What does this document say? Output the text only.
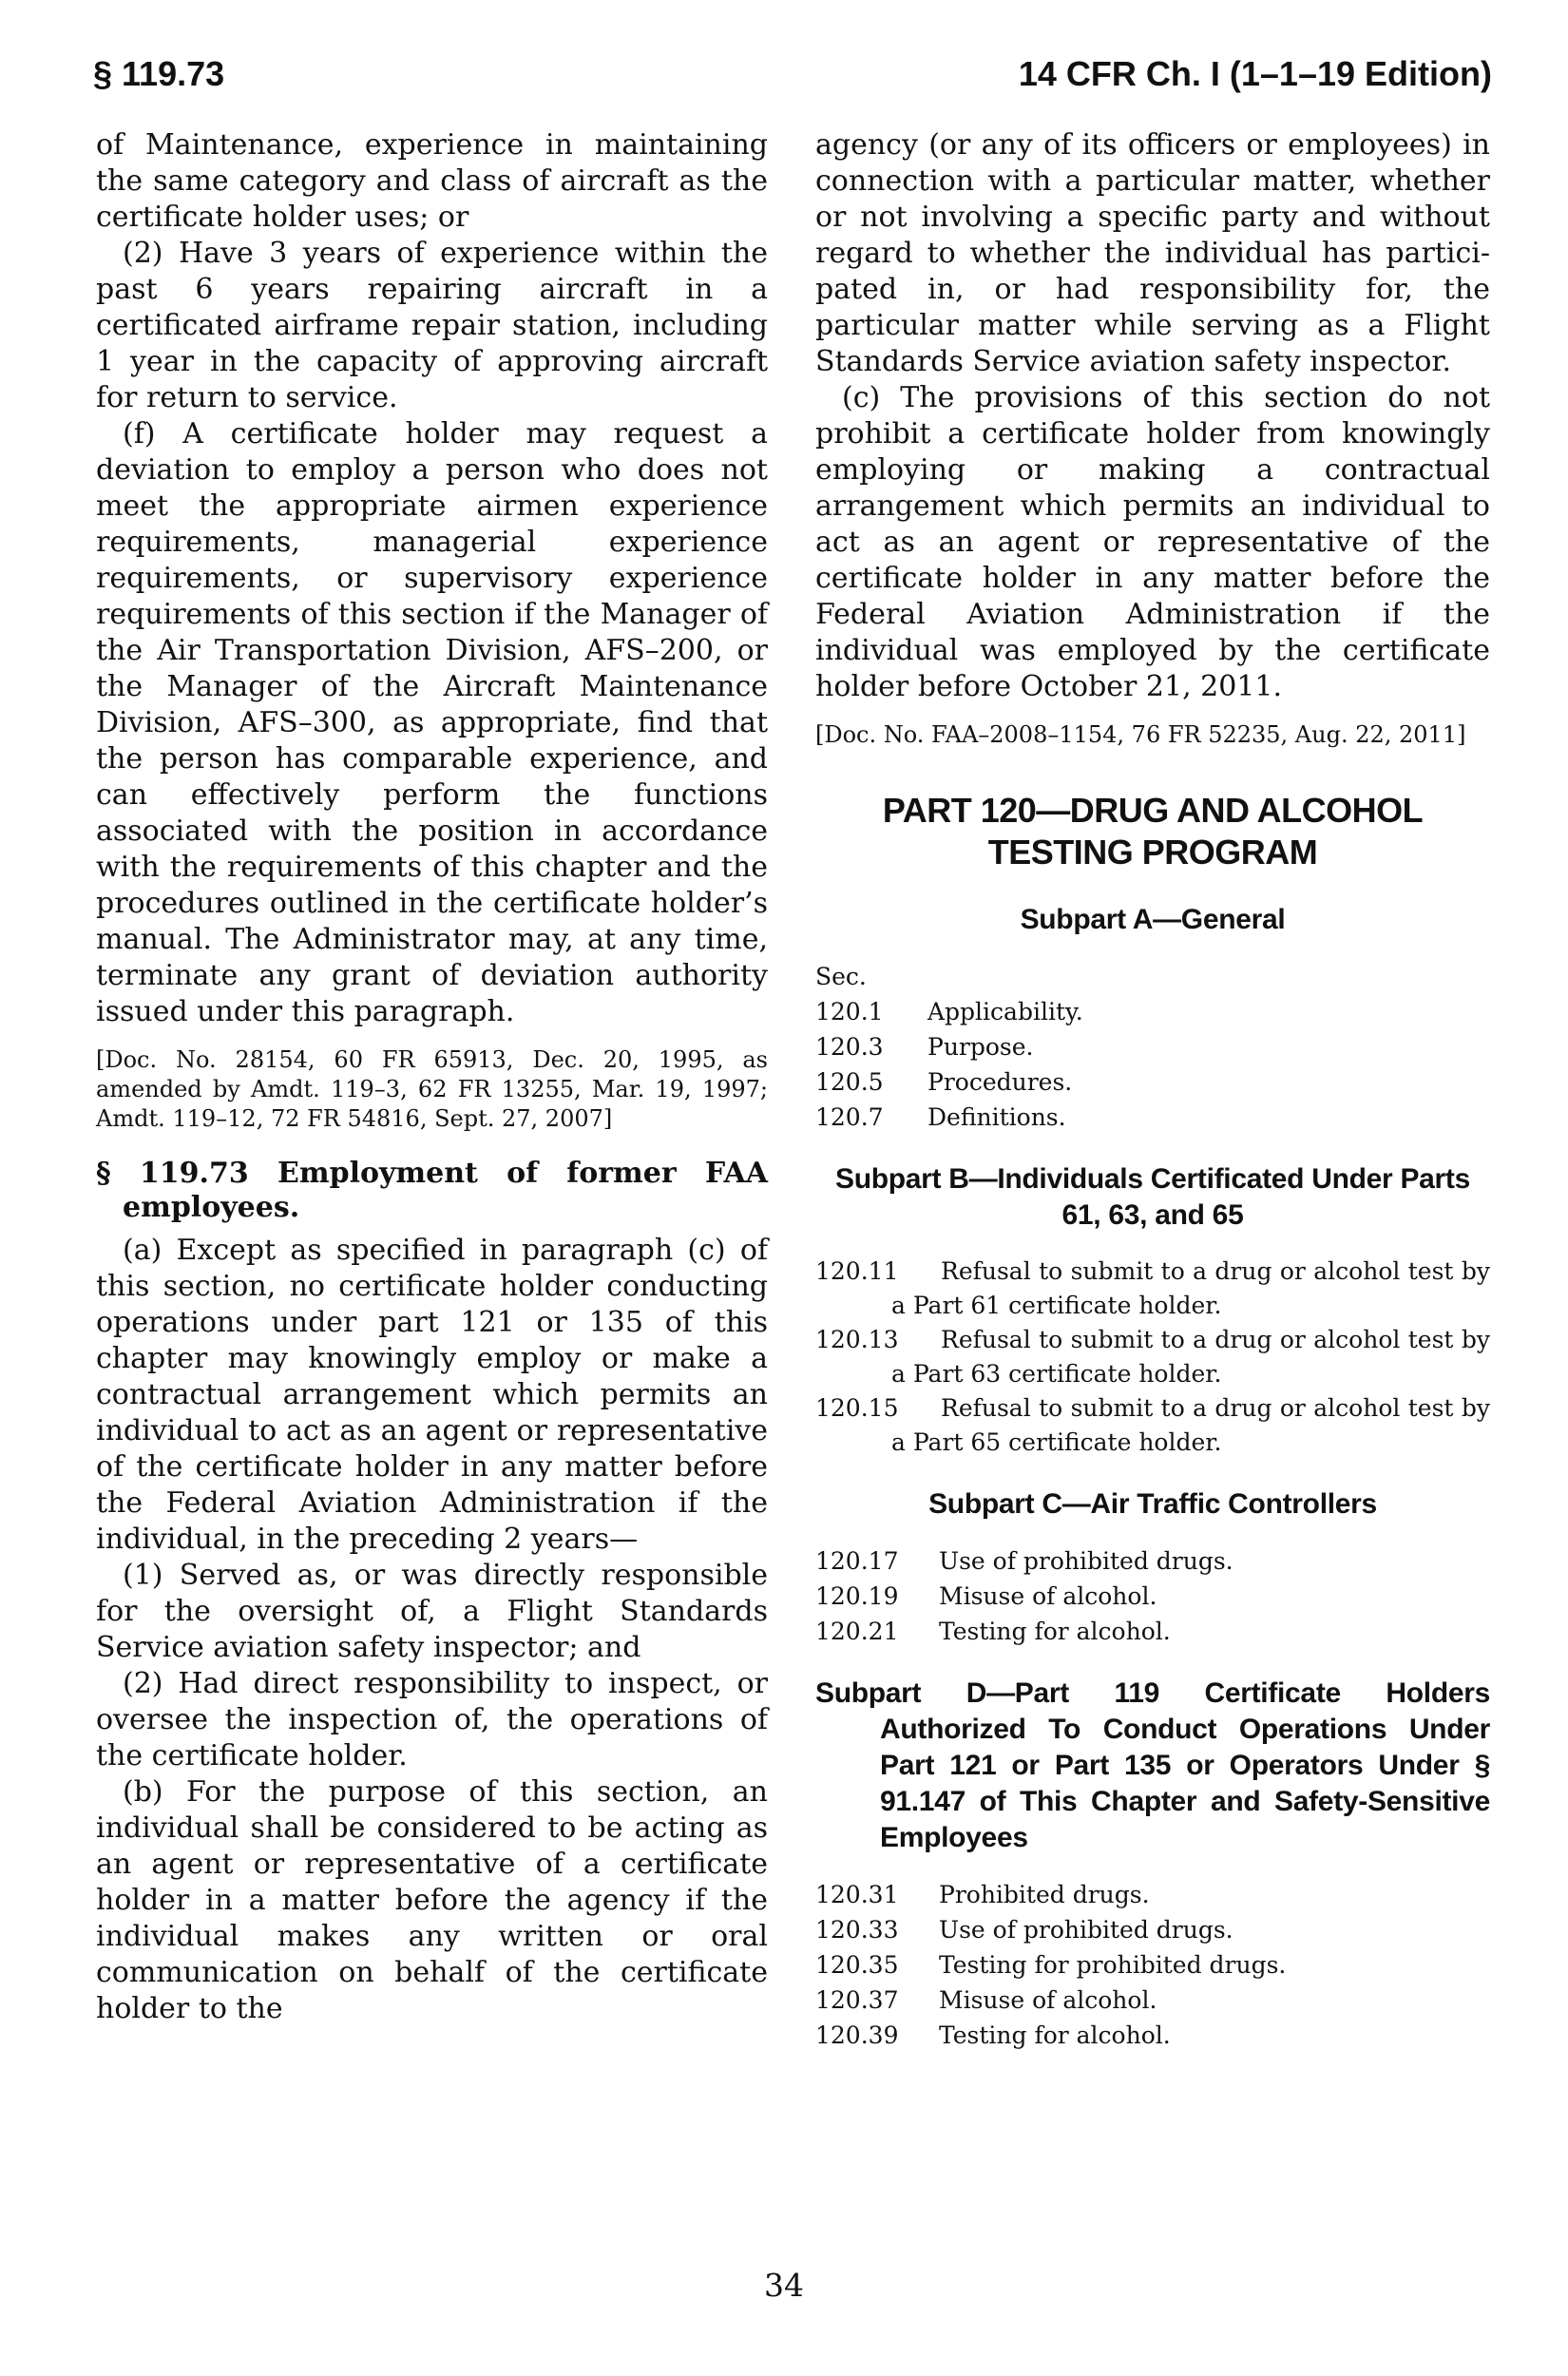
§ 119.73	14 CFR Ch. I (1–1–19 Edition)

of Maintenance, experience in maintaining the same category and class of aircraft as the certificate holder uses; or

(2) Have 3 years of experience within the past 6 years repairing aircraft in a certificated airframe repair station, including 1 year in the capacity of approving aircraft for return to service.

(f) A certificate holder may request a deviation to employ a person who does not meet the appropriate airmen experience requirements, managerial experience requirements, or supervisory experience requirements of this section if the Manager of the Air Transportation Division, AFS–200, or the Manager of the Aircraft Maintenance Division, AFS–300, as appropriate, find that the person has comparable experience, and can effectively perform the functions associated with the position in accordance with the requirements of this chapter and the procedures outlined in the certificate holder’s manual. The Administrator may, at any time, terminate any grant of deviation authority issued under this paragraph.

[Doc. No. 28154, 60 FR 65913, Dec. 20, 1995, as amended by Amdt. 119–3, 62 FR 13255, Mar. 19, 1997; Amdt. 119–12, 72 FR 54816, Sept. 27, 2007]

§ 119.73 Employment of former FAA employees.

(a) Except as specified in paragraph (c) of this section, no certificate holder conducting operations under part 121 or 135 of this chapter may knowingly employ or make a contractual arrangement which permits an individual to act as an agent or representative of the certificate holder in any matter before the Federal Aviation Administration if the individual, in the preceding 2 years—

(1) Served as, or was directly responsible for the oversight of, a Flight Standards Service aviation safety inspector; and

(2) Had direct responsibility to inspect, or oversee the inspection of, the operations of the certificate holder.

(b) For the purpose of this section, an individual shall be considered to be acting as an agent or representative of a certificate holder in a matter before the agency if the individual makes any written or oral communication on behalf of the certificate holder to the

agency (or any of its officers or employees) in connection with a particular matter, whether or not involving a specific party and without regard to whether the individual has participated in, or had responsibility for, the particular matter while serving as a Flight Standards Service aviation safety inspector.

(c) The provisions of this section do not prohibit a certificate holder from knowingly employing or making a contractual arrangement which permits an individual to act as an agent or representative of the certificate holder in any matter before the Federal Aviation Administration if the individual was employed by the certificate holder before October 21, 2011.

[Doc. No. FAA–2008–1154, 76 FR 52235, Aug. 22, 2011]

PART 120—DRUG AND ALCOHOL TESTING PROGRAM
Subpart A—General
Sec.
120.1	Applicability.
120.3	Purpose.
120.5	Procedures.
120.7	Definitions.
Subpart B—Individuals Certificated Under Parts 61, 63, and 65

120.11 Refusal to submit to a drug or alcohol test by a Part 61 certificate holder.

120.13 Refusal to submit to a drug or alcohol test by a Part 63 certificate holder.

120.15 Refusal to submit to a drug or alcohol test by a Part 65 certificate holder.

Subpart C—Air Traffic Controllers
120.17	Use of prohibited drugs.
120.19	Misuse of alcohol.
120.21	Testing for alcohol.
Subpart D—Part 119 Certificate Holders Authorized To Conduct Operations Under Part 121 or Part 135 or Operators Under § 91.147 of This Chapter and Safety-Sensitive Employees
120.31	Prohibited drugs.
120.33	Use of prohibited drugs.
120.35	Testing for prohibited drugs.
120.37	Misuse of alcohol.
120.39	Testing for alcohol.
34
